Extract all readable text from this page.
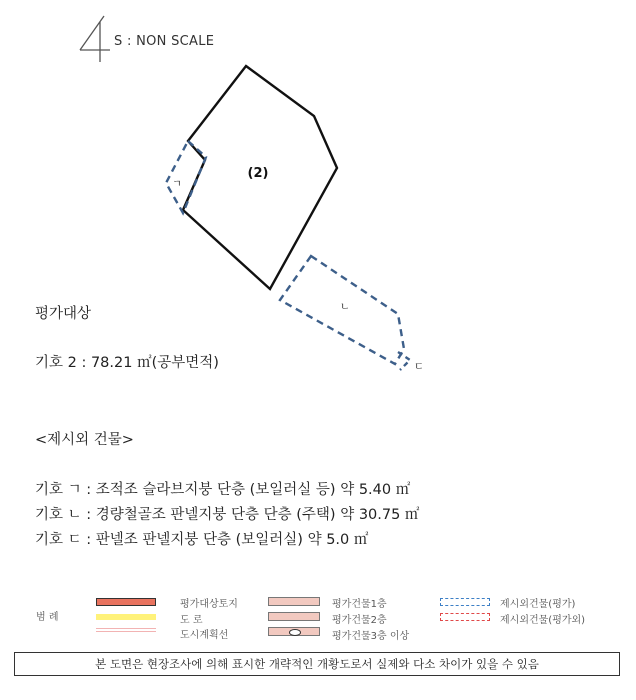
(2)
ㄱ
ㄴ
ㄷ
S : NON SCALE
평가대상
기호 2 : 78.21 ㎡(공부면적)
<제시외 건물>
기호 ㄱ : 조적조 슬라브지붕 단층 (보일러실 등) 약 5.40 ㎡
기호 ㄴ : 경량철골조 판넬지붕 단층 단층 (주택) 약 30.75 ㎡
기호 ㄷ : 판넬조 판넬지붕 단층 (보일러실) 약 5.0 ㎡
범 례
평가대상토지
도 로
도시계획선
평가건물1층
평가건물2층
평가건물3층 이상
제시외건물(평가)
제시외건물(평가외)
본 도면은 현장조사에 의해 표시한 개략적인 개황도로서 실제와 다소 차이가 있을 수 있음
